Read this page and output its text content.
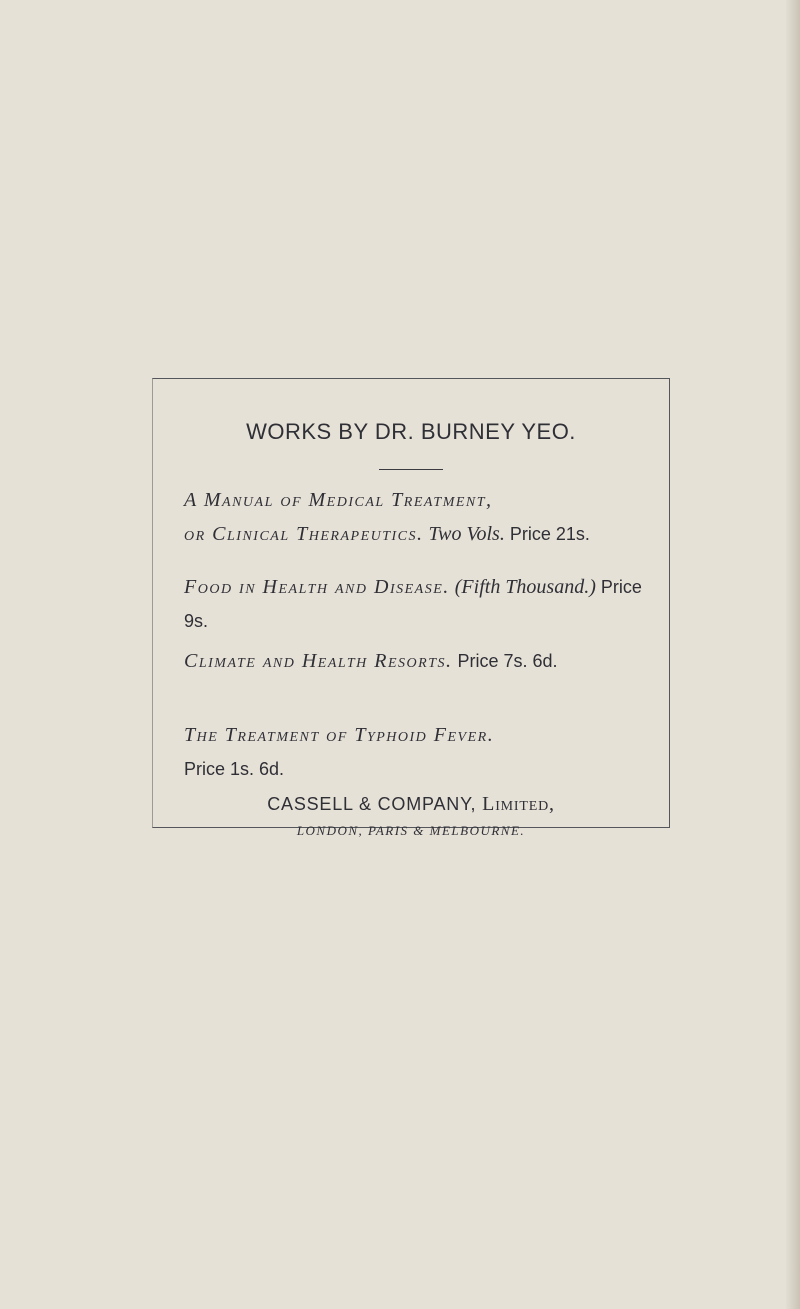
WORKS BY DR. BURNEY YEO.
A Manual of Medical Treatment,
or Clinical Therapeutics. Two Vols. Price 21s.
Food in Health and Disease. (Fifth Thousand.) Price 9s.
Climate and Health Resorts. Price 7s. 6d.
The Treatment of Typhoid Fever.
Price 1s. 6d.
CASSELL & COMPANY, Limited,
LONDON, PARIS & MELBOURNE.
